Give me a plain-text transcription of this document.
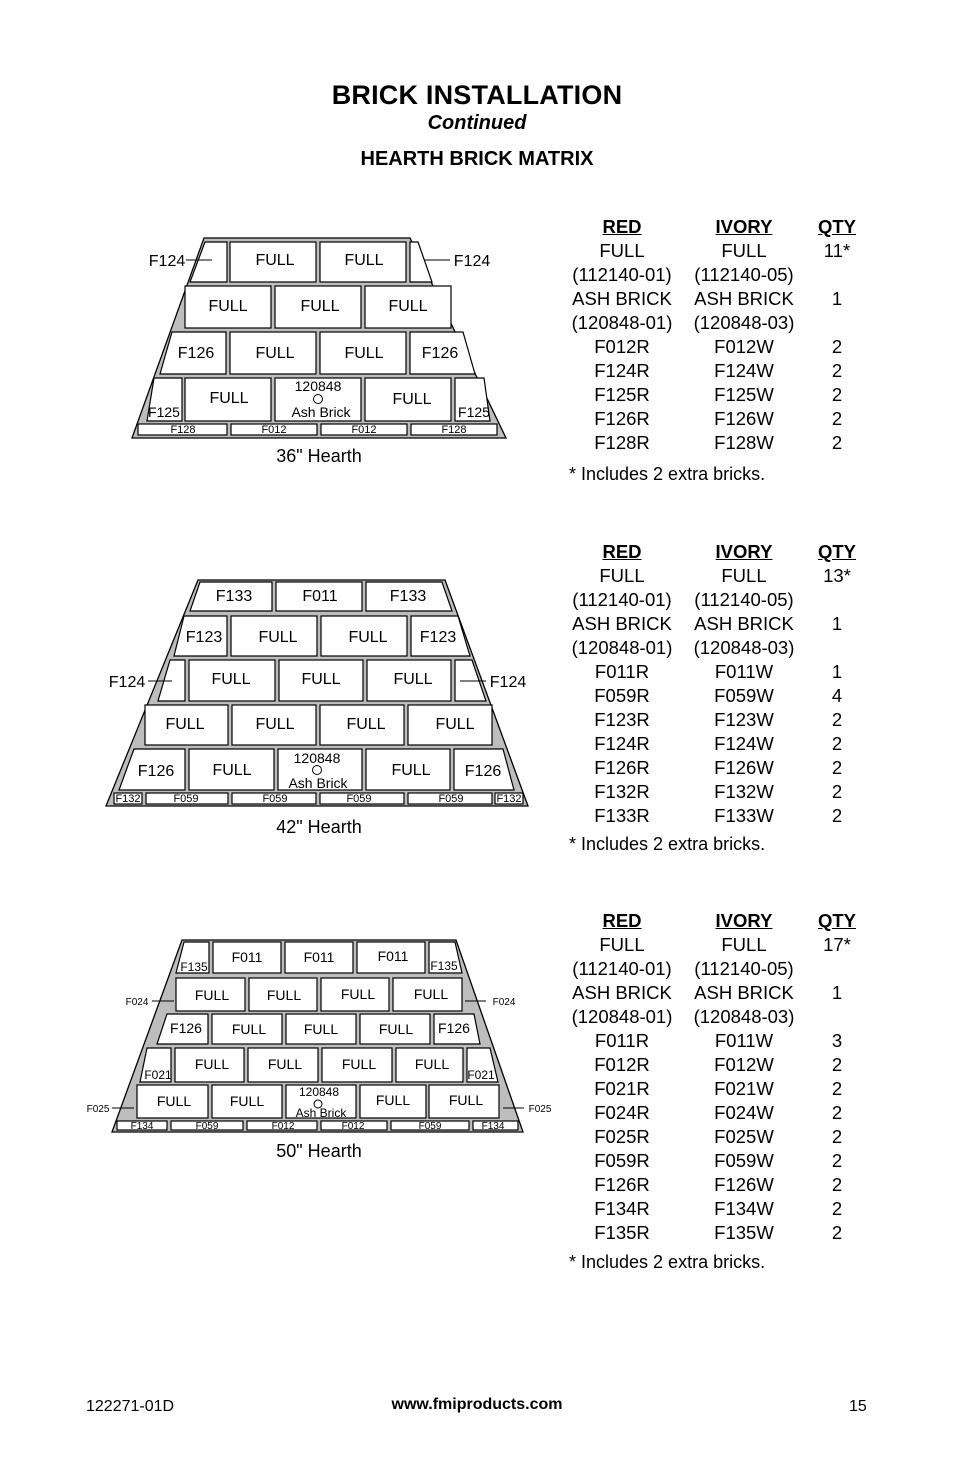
BRICK INSTALLATION
Continued
HEARTH BRICK MATRIX
F124	F124
FULL	FULL
FULL	FULL	FULL
F126	FULL	FULL F126
FULL	FULL
F125	F125
120848
Ash Brick
F128	F012	F012	F128
36" Hearth
F133	F011	F133
F123 FULL	FULL F123
F124	F124
FULL	FULL	FULL
FULL	FULL	FULL	FULL
F126 FULL	FULL F126
120848
Ash Brick
F132	F059	F059	F059	F059	F132
42" Hearth
F011	F011	F011
FULL	FULL	FULL	FULL
F126 FULL	FULL	FULL F126
FULL	FULL	FULL	FULL
FULL	FULL	FULL	FULL
F135	F135
F021	F021
120848
Ash Brick
F024	F024
F025	F025
F134	F059	F012	F012	F059	F134
50" Hearth
RED	IVORY	QTY
FULL	FULL	11*
(112140-01)	(112140-05)	
ASH BRICK	ASH BRICK	1
(120848-01)	(120848-03)	
F012R	F012W	2
F124R	F124W	2
F125R	F125W	2
F126R	F126W	2
F128R	F128W	2
* Includes 2 extra bricks.
RED	IVORY	QTY
FULL	FULL	13*
(112140-01)	(112140-05)	
ASH BRICK	ASH BRICK	1
(120848-01)	(120848-03)	
F011R	F011W	1
F059R	F059W	4
F123R	F123W	2
F124R	F124W	2
F126R	F126W	2
F132R	F132W	2
F133R	F133W	2
* Includes 2 extra bricks.
RED	IVORY	QTY
FULL	FULL	17*
(112140-01)	(112140-05)	
ASH BRICK	ASH BRICK	1
(120848-01)	(120848-03)	
F011R	F011W	3
F012R	F012W	2
F021R	F021W	2
F024R	F024W	2
F025R	F025W	2
F059R	F059W	2
F126R	F126W	2
F134R	F134W	2
F135R	F135W	2
* Includes 2 extra bricks.
122271-01D	www.fmiproducts.com	15
